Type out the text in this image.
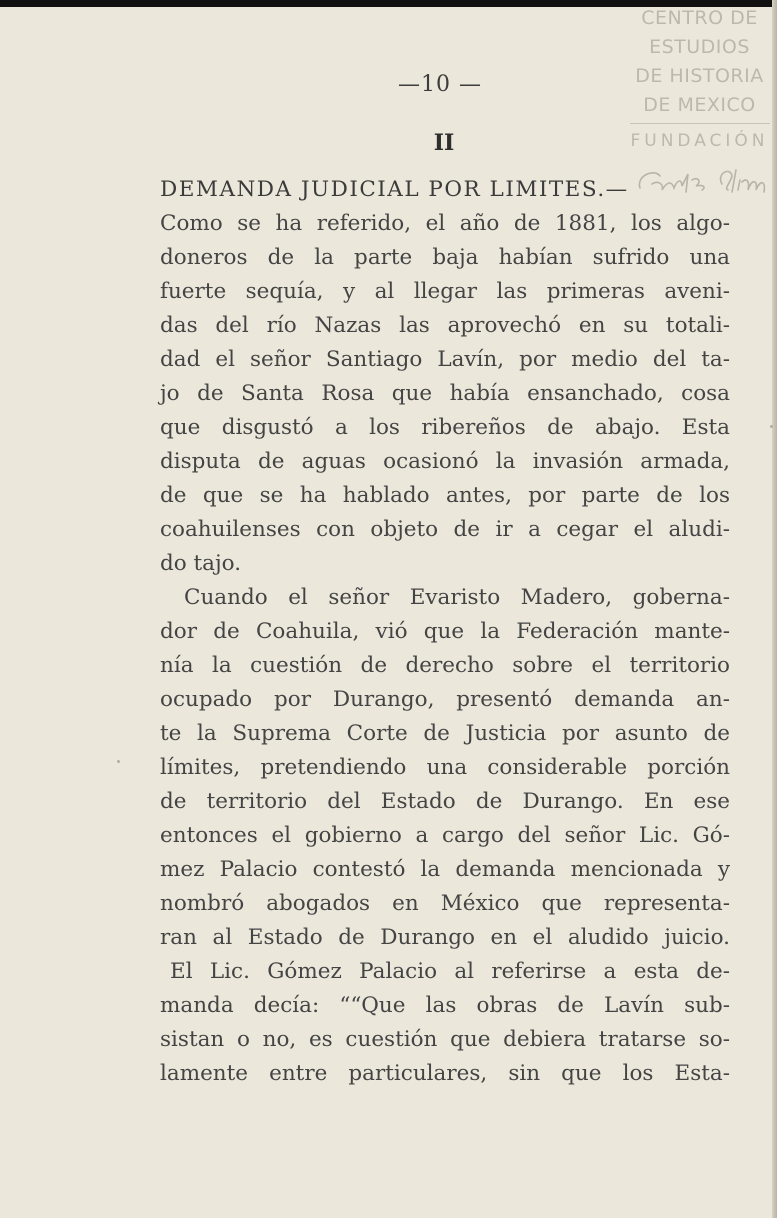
CENTRO DE
ESTUDIOS
DE HISTORIA
DE MEXICO
FUNDACIÓN
—10 —
II
DEMANDA JUDICIAL POR LIMITES.—
Como se ha referido, el año de 1881, los algo-
doneros de la parte baja habían sufrido una
fuerte sequía, y al llegar las primeras aveni-
das del río Nazas las aprovechó en su totali-
dad el señor Santiago Lavín, por medio del ta-
jo de Santa Rosa que había ensanchado, cosa
que disgustó a los ribereños de abajo. Esta
disputa de aguas ocasionó la invasión armada,
de que se ha hablado antes, por parte de los
coahuilenses con objeto de ir a cegar el aludi-
do tajo.
Cuando el señor Evaristo Madero, goberna-
dor de Coahuila, vió que la Federación mante-
nía la cuestión de derecho sobre el territorio
ocupado por Durango, presentó demanda an-
te la Suprema Corte de Justicia por asunto de
límites, pretendiendo una considerable porción
de territorio del Estado de Durango. En ese
entonces el gobierno a cargo del señor Lic. Gó-
mez Palacio contestó la demanda mencionada y
nombró abogados en México que representa-
ran al Estado de Durango en el aludido juicio.
El Lic. Gómez Palacio al referirse a esta de-
manda decía: ““Que las obras de Lavín sub-
sistan o no, es cuestión que debiera tratarse so-
lamente entre particulares, sin que los Esta-
